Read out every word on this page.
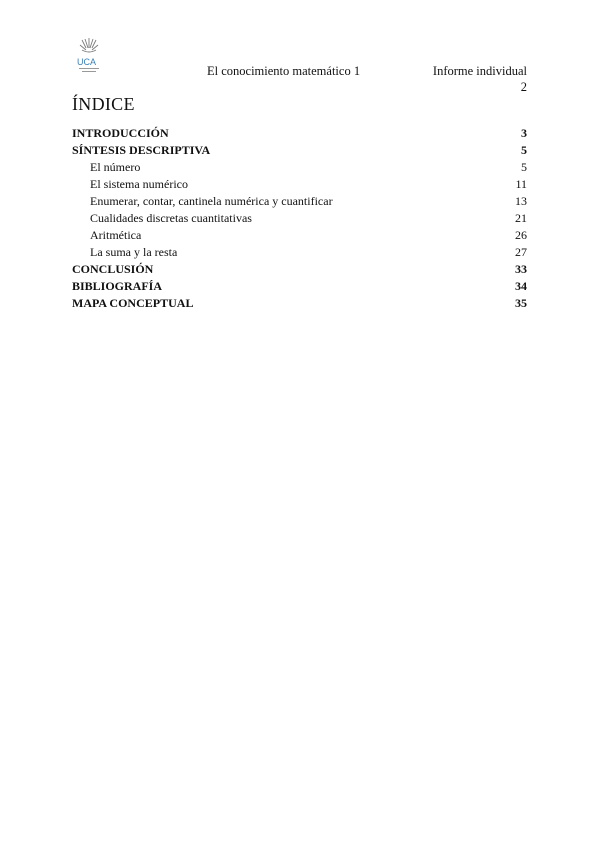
UCA
El conocimiento matemático 1	Informe individual
2
ÍNDICE
INTRODUCCIÓN	3
SÍNTESIS DESCRIPTIVA	5
El número	5
El sistema numérico	11
Enumerar, contar, cantinela numérica y cuantificar	13
Cualidades discretas cuantitativas	21
Aritmética	26
La suma y la resta	27
CONCLUSIÓN	33
BIBLIOGRAFÍA	34
MAPA CONCEPTUAL	35
